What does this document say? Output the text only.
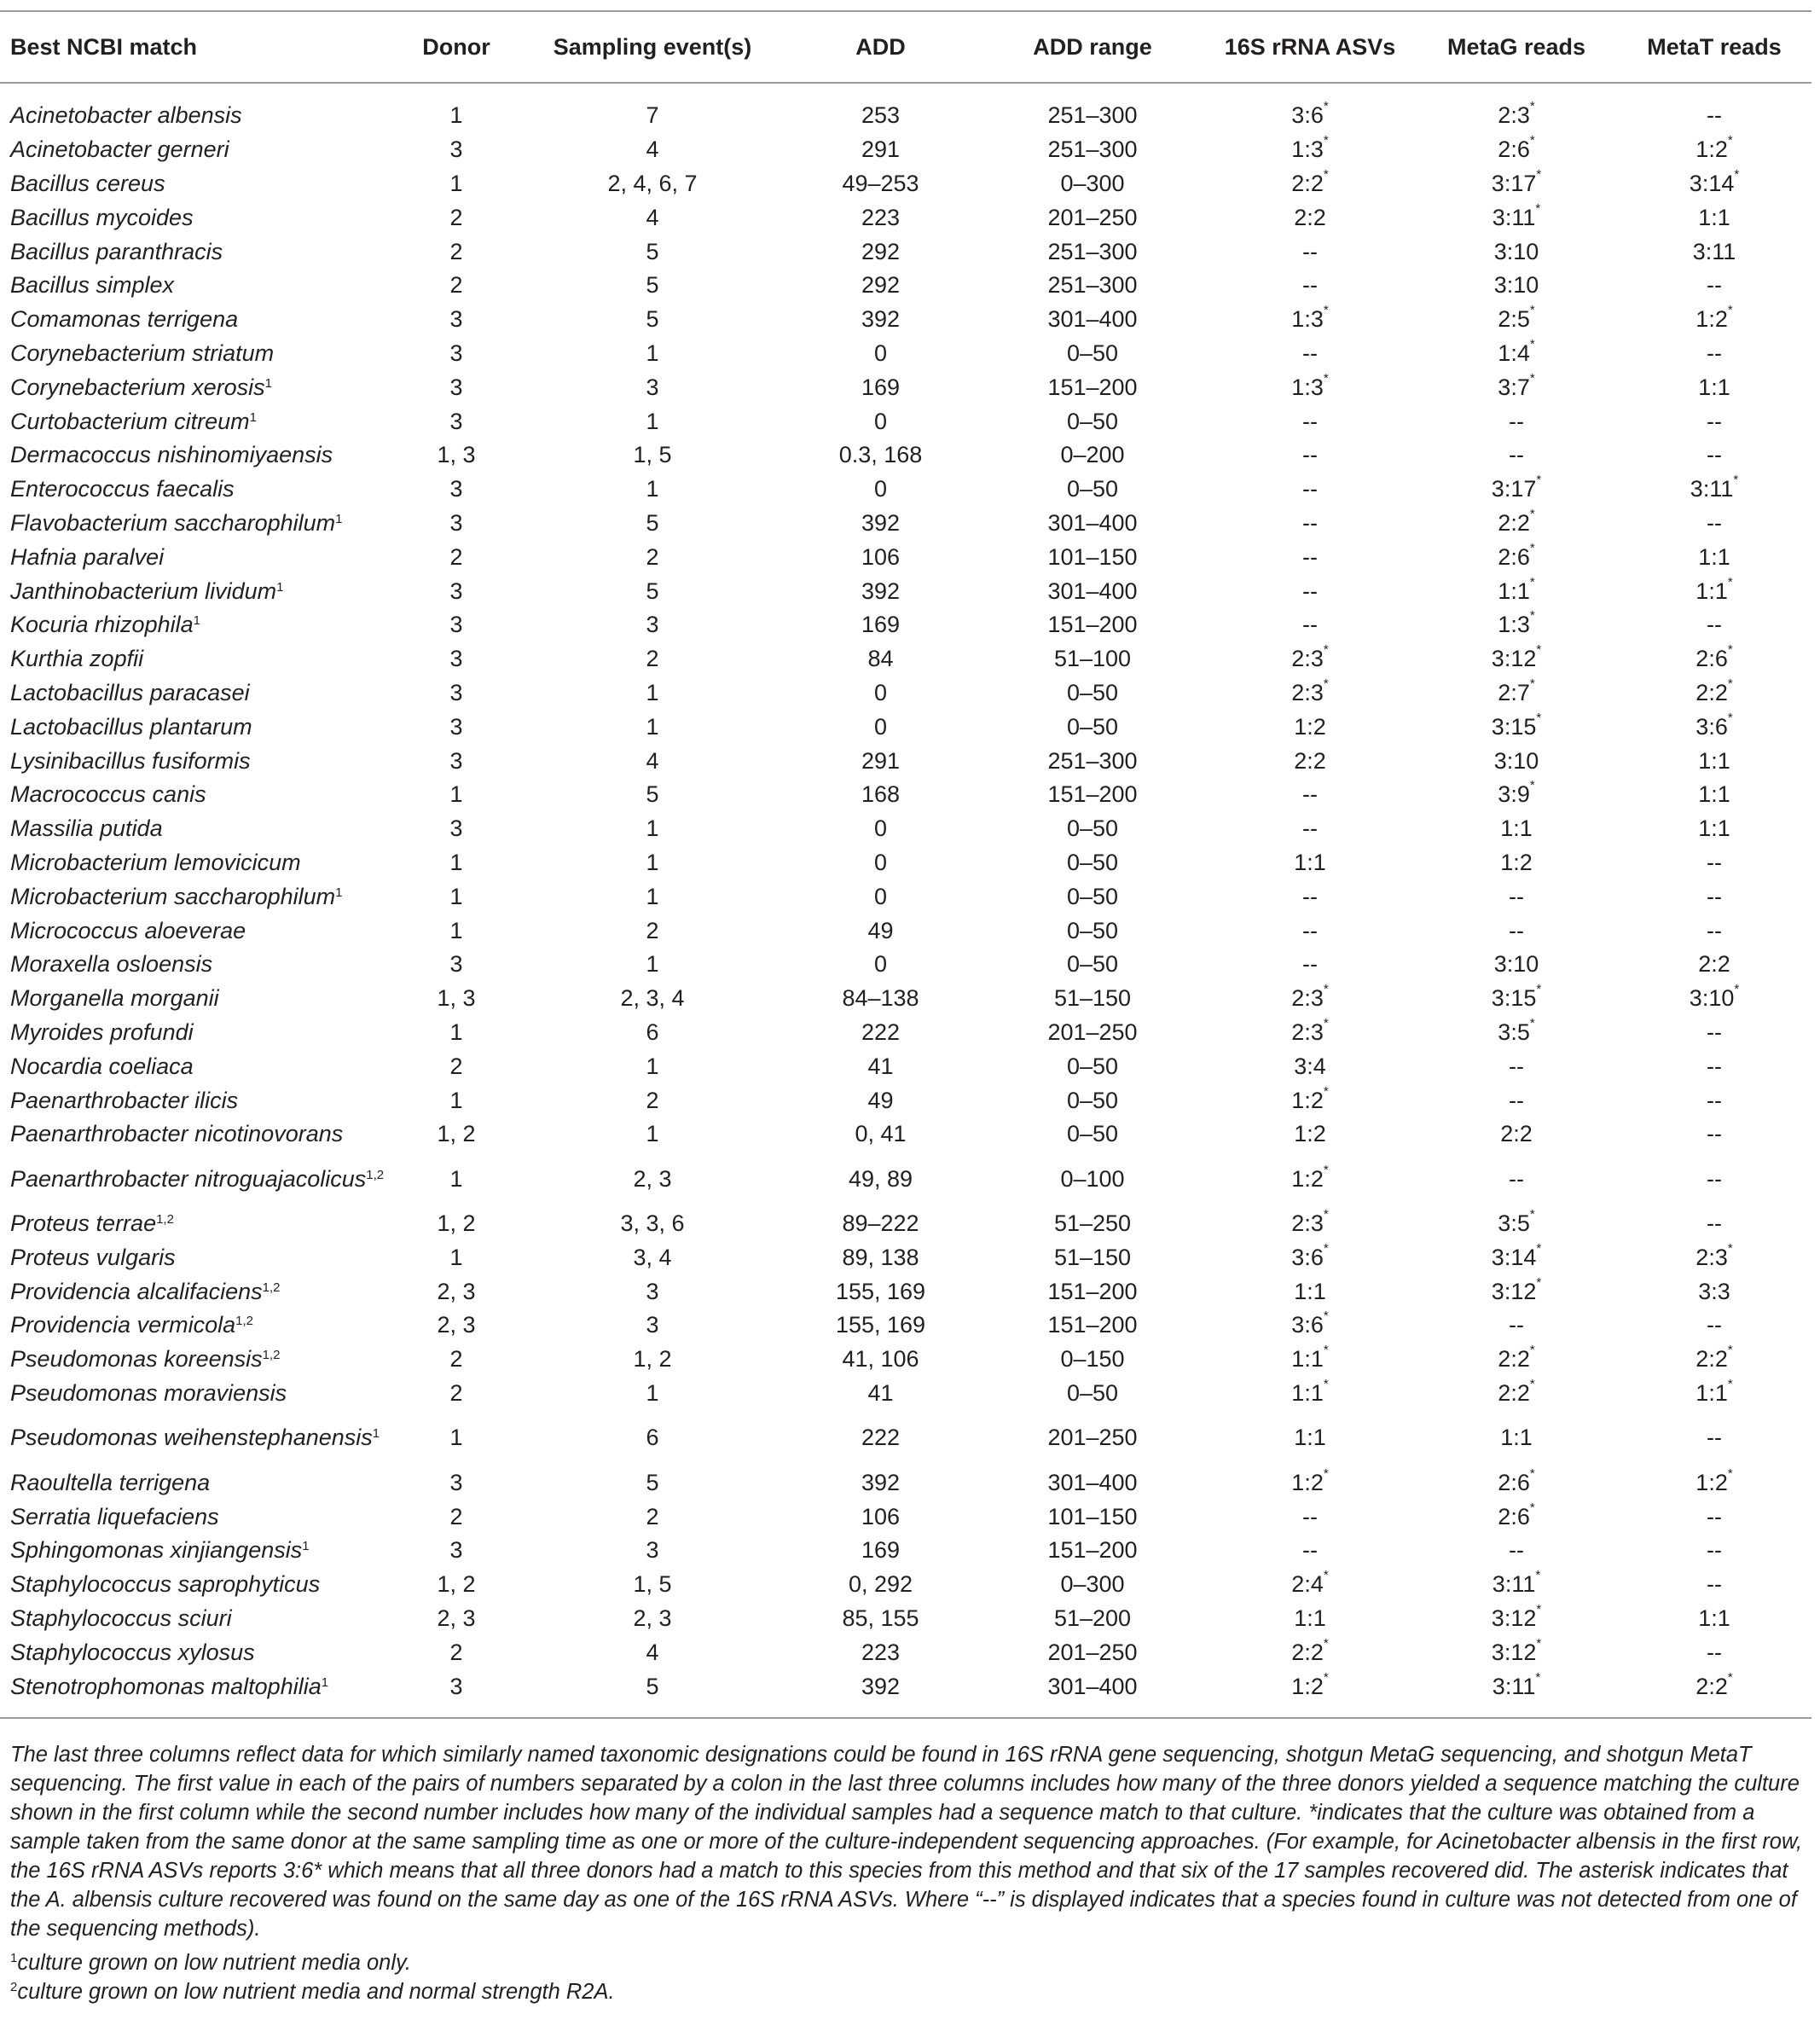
Best NCBI match	Donor	Sampling event(s)	ADD	ADD range	16S rRNA ASVs	MetaG reads	MetaT reads
Acinetobacter albensis	1	7	253	251–300	3:6*	2:3*	--
Acinetobacter gerneri	3	4	291	251–300	1:3*	2:6*	1:2*
Bacillus cereus	1	2, 4, 6, 7	49–253	0–300	2:2*	3:17*	3:14*
Bacillus mycoides	2	4	223	201–250	2:2	3:11*	1:1
Bacillus paranthracis	2	5	292	251–300	--	3:10	3:11
Bacillus simplex	2	5	292	251–300	--	3:10	--
Comamonas terrigena	3	5	392	301–400	1:3*	2:5*	1:2*
Corynebacterium striatum	3	1	0	0–50	--	1:4*	--
Corynebacterium xerosis$^1$	3	3	169	151–200	1:3*	3:7*	1:1
Curtobacterium citreum$^1$	3	1	0	0–50	--	--	--
Dermacoccus nishinomiyaensis	1, 3	1, 5	0.3, 168	0–200	--	--	--
Enterococcus faecalis	3	1	0	0–50	--	3:17*	3:11*
Flavobacterium saccharophilum$^1$	3	5	392	301–400	--	2:2*	--
Hafnia paralvei	2	2	106	101–150	--	2:6*	1:1
Janthinobacterium lividum$^1$	3	5	392	301–400	--	1:1*	1:1*
Kocuria rhizophila$^1$	3	3	169	151–200	--	1:3*	--
Kurthia zopfii	3	2	84	51–100	2:3*	3:12*	2:6*
Lactobacillus paracasei	3	1	0	0–50	2:3*	2:7*	2:2*
Lactobacillus plantarum	3	1	0	0–50	1:2	3:15*	3:6*
Lysinibacillus fusiformis	3	4	291	251–300	2:2	3:10	1:1
Macrococcus canis	1	5	168	151–200	--	3:9*	1:1
Massilia putida	3	1	0	0–50	--	1:1	1:1
Microbacterium lemovicicum	1	1	0	0–50	1:1	1:2	--
Microbacterium saccharophilum$^1$	1	1	0	0–50	--	--	--
Micrococcus aloeverae	1	2	49	0–50	--	--	--
Moraxella osloensis	3	1	0	0–50	--	3:10	2:2
Morganella morganii	1, 3	2, 3, 4	84–138	51–150	2:3*	3:15*	3:10*
Myroides profundi	1	6	222	201–250	2:3*	3:5*	--
Nocardia coeliaca	2	1	41	0–50	3:4	--	--
Paenarthrobacter ilicis	1	2	49	0–50	1:2*	--	--
Paenarthrobacter nicotinovorans	1, 2	1	0, 41	0–50	1:2	2:2	--
Paenarthrobacter nitroguajacolicus$^{1,2}$	1	2, 3	49, 89	0–100	1:2*	--	--
Proteus terrae$^{1,2}$	1, 2	3, 3, 6	89–222	51–250	2:3*	3:5*	--
Proteus vulgaris	1	3, 4	89, 138	51–150	3:6*	3:14*	2:3*
Providencia alcalifaciens$^{1,2}$	2, 3	3	155, 169	151–200	1:1	3:12*	3:3
Providencia vermicola$^{1,2}$	2, 3	3	155, 169	151–200	3:6*	--	--
Pseudomonas koreensis$^{1,2}$	2	1, 2	41, 106	0–150	1:1*	2:2*	2:2*
Pseudomonas moraviensis	2	1	41	0–50	1:1*	2:2*	1:1*
Pseudomonas weihenstephanensis$^1$	1	6	222	201–250	1:1	1:1	--
Raoultella terrigena	3	5	392	301–400	1:2*	2:6*	1:2*
Serratia liquefaciens	2	2	106	101–150	--	2:6*	--
Sphingomonas xinjiangensis$^1$	3	3	169	151–200	--	--	--
Staphylococcus saprophyticus	1, 2	1, 5	0, 292	0–300	2:4*	3:11*	--
Staphylococcus sciuri	2, 3	2, 3	85, 155	51–200	1:1	3:12*	1:1
Staphylococcus xylosus	2	4	223	201–250	2:2*	3:12*	--
Stenotrophomonas maltophilia$^1$	3	5	392	301–400	1:2*	3:11*	2:2*

The last three columns reflect data for which similarly named taxonomic designations could be found in 16S rRNA gene sequencing, shotgun MetaG sequencing, and shotgun MetaT sequencing. The first value in each of the pairs of numbers separated by a colon in the last three columns includes how many of the three donors yielded a sequence matching the culture shown in the first column while the second number includes how many of the individual samples had a sequence match to that culture. *indicates that the culture was obtained from a sample taken from the same donor at the same sampling time as one or more of the culture-independent sequencing approaches. (For example, for Acinetobacter albensis in the first row, the 16S rRNA ASVs reports 3:6* which means that all three donors had a match to this species from this method and that six of the 17 samples recovered did. The asterisk indicates that the A. albensis culture recovered was found on the same day as one of the 16S rRNA ASVs. Where “--” is displayed indicates that a species found in culture was not detected from one of the sequencing methods).

$^1$culture grown on low nutrient media only.

$^2$culture grown on low nutrient media and normal strength R2A.
